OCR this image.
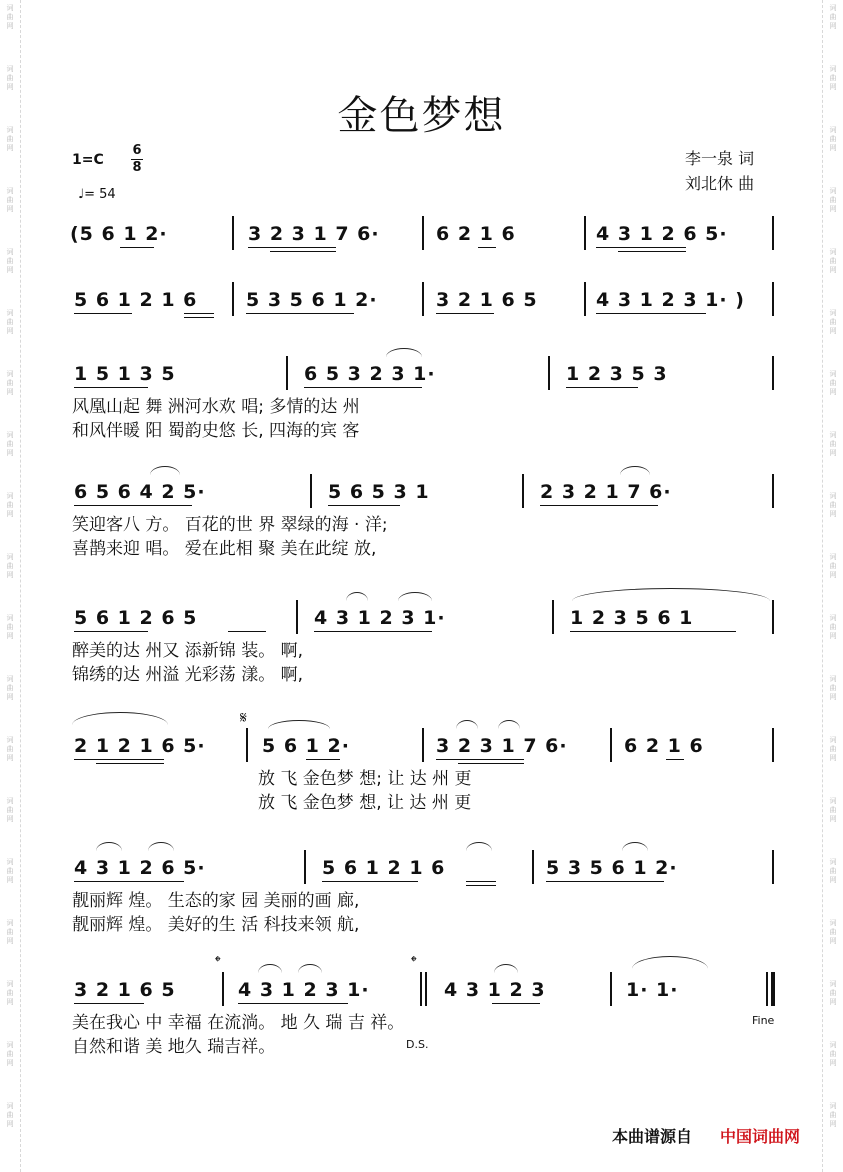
词
曲
网
词
曲
网
词
曲
网
词
曲
网
词
曲
网
词
曲
网
词
曲
网
词
曲
网
词
曲
网
词
曲
网
词
曲
网
词
曲
网
词
曲
网
词
曲
网
词
曲
网
词
曲
网
词
曲
网
词
曲
网
词
曲
网
词
曲
网
词
曲
网
词
曲
网
词
曲
网
词
曲
网
词
曲
网
词
曲
网
词
曲
网
词
曲
网
词
曲
网
词
曲
网
词
曲
网
词
曲
网
词
曲
网
词
曲
网
词
曲
网
词
曲
网
词
曲
网
词
曲
网
金色梦想
1=C
6
8
♩= 54
李一泉 词
刘北休 曲
(5 6 1 2·	3 2 3 1 7 6·	6 2 1 6	4 3 1 2 6 5·
5 6 1 2 1 6	5 3 5 6 1 2·	3 2 1 6 5	4 3 1 2 3 1· )
1 5 1 3 5	6 5 3 2 3 1·	1 2 3 5 3
风凰山起 舞 洲河水欢 唱; 多情的达 州
和风伴暖 阳 蜀韵史悠 长, 四海的宾 客
6 5 6 4 2 5·	5 6 5 3 1	2 3 2 1 7 6·
笑迎客八 方。 百花的世 界 翠绿的海 · 洋;
喜鹊来迎 唱。 爱在此相 聚 美在此绽 放,
5 6 1 2 6 5	4 3 1 2 3 1·	1 2 3 5 6 1
醉美的达 州又 添新锦 装。 啊,
锦绣的达 州溢 光彩荡 漾。 啊,
2 1 2 1 6 5·	5 6 1 2·	3 2 3 1 7 6·	6 2 1 6
𝄋
放 飞 金色梦 想; 让 达 州 更
放 飞 金色梦 想, 让 达 州 更
4 3 1 2 6 5·	5 6 1 2 1 6	5 3 5 6 1 2·
靓丽辉 煌。 生态的家 园 美丽的画 廊,
靓丽辉 煌。 美好的生 活 科技来领 航,
3 2 1 6 5	4 3 1 2 3 1·	4 3 1 2 3	1· 1·
𝄌	𝄌
美在我心 中 幸福 在流淌。 地 久 瑞 吉 祥。
自然和谐 美 地久 瑞吉祥。	D.S.
Fine
本曲谱源自 中国词曲网
